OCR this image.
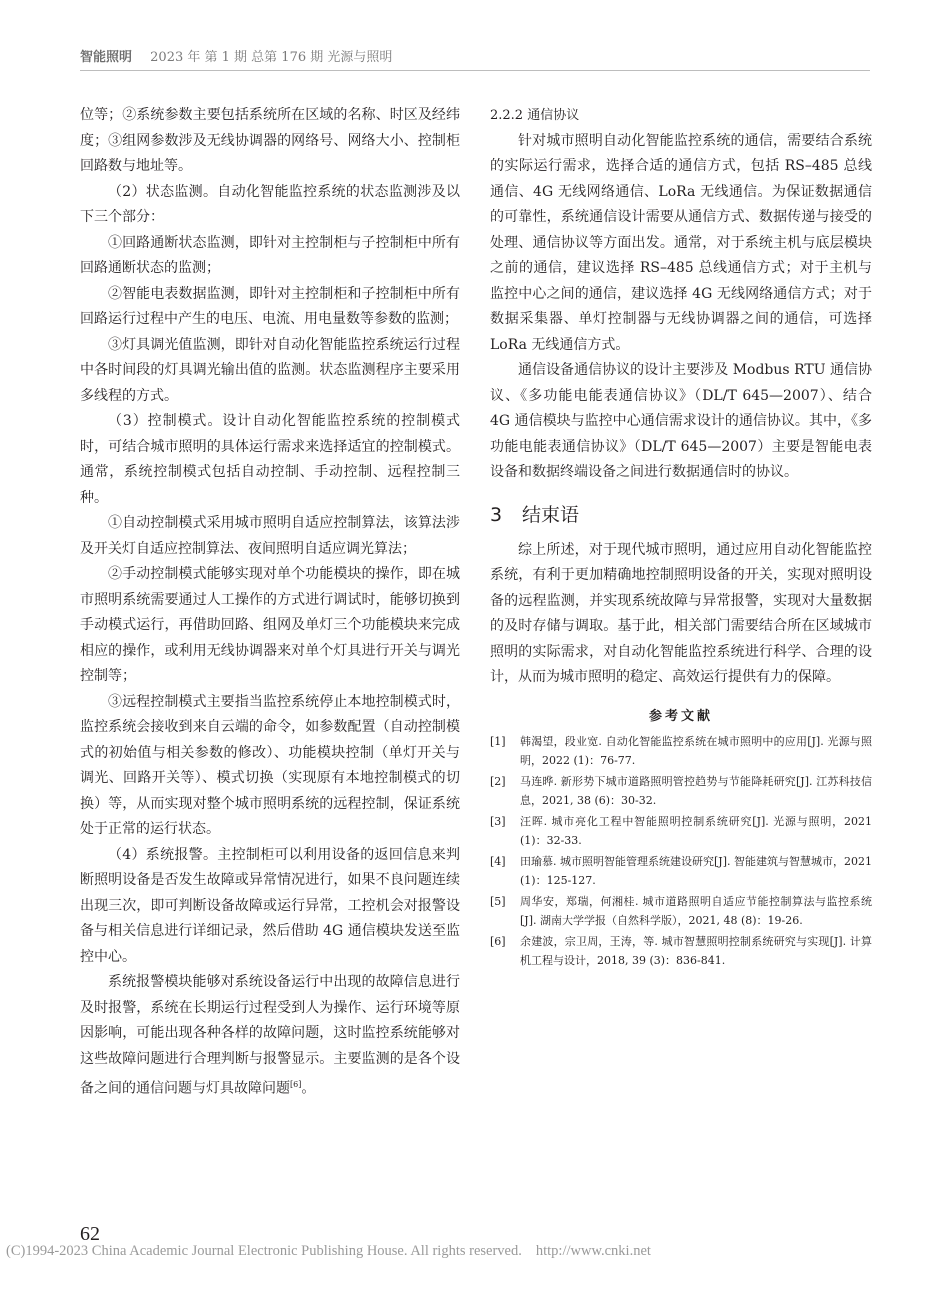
智能照明 2023 年 第 1 期 总第 176 期 光源与照明

位等；②系统参数主要包括系统所在区域的名称、时区及经纬度；③组网参数涉及无线协调器的网络号、网络大小、控制柜回路数与地址等。

（2）状态监测。自动化智能监控系统的状态监测涉及以下三个部分：

①回路通断状态监测，即针对主控制柜与子控制柜中所有回路通断状态的监测；

②智能电表数据监测，即针对主控制柜和子控制柜中所有回路运行过程中产生的电压、电流、用电量数等参数的监测；

③灯具调光值监测，即针对自动化智能监控系统运行过程中各时间段的灯具调光输出值的监测。状态监测程序主要采用多线程的方式。

（3）控制模式。设计自动化智能监控系统的控制模式时，可结合城市照明的具体运行需求来选择适宜的控制模式。通常，系统控制模式包括自动控制、手动控制、远程控制三种。

①自动控制模式采用城市照明自适应控制算法，该算法涉及开关灯自适应控制算法、夜间照明自适应调光算法；

②手动控制模式能够实现对单个功能模块的操作，即在城市照明系统需要通过人工操作的方式进行调试时，能够切换到手动模式运行，再借助回路、组网及单灯三个功能模块来完成相应的操作，或利用无线协调器来对单个灯具进行开关与调光控制等；

③远程控制模式主要指当监控系统停止本地控制模式时，监控系统会接收到来自云端的命令，如参数配置（自动控制模式的初始值与相关参数的修改）、功能模块控制（单灯开关与调光、回路开关等）、模式切换（实现原有本地控制模式的切换）等，从而实现对整个城市照明系统的远程控制，保证系统处于正常的运行状态。

（4）系统报警。主控制柜可以利用设备的返回信息来判断照明设备是否发生故障或异常情况进行，如果不良问题连续出现三次，即可判断设备故障或运行异常，工控机会对报警设备与相关信息进行详细记录，然后借助 4G 通信模块发送至监控中心。

系统报警模块能够对系统设备运行中出现的故障信息进行及时报警，系统在长期运行过程受到人为操作、运行环境等原因影响，可能出现各种各样的故障问题，这时监控系统能够对这些故障问题进行合理判断与报警显示。主要监测的是各个设备之间的通信问题与灯具故障问题[6]。

2.2.2 通信协议

针对城市照明自动化智能监控系统的通信，需要结合系统的实际运行需求，选择合适的通信方式，包括 RS–485 总线通信、4G 无线网络通信、LoRa 无线通信。为保证数据通信的可靠性，系统通信设计需要从通信方式、数据传递与接受的处理、通信协议等方面出发。通常，对于系统主机与底层模块之前的通信，建议选择 RS–485 总线通信方式；对于主机与监控中心之间的通信，建议选择 4G 无线网络通信方式；对于数据采集器、单灯控制器与无线协调器之间的通信，可选择 LoRa 无线通信方式。

通信设备通信协议的设计主要涉及 Modbus RTU 通信协议、《多功能电能表通信协议》（DL/T 645—2007）、结合 4G 通信模块与监控中心通信需求设计的通信协议。其中，《多功能电能表通信协议》（DL/T 645—2007）主要是智能电表设备和数据终端设备之间进行数据通信时的协议。

3 结束语

综上所述，对于现代城市照明，通过应用自动化智能监控系统，有利于更加精确地控制照明设备的开关，实现对照明设备的远程监测，并实现系统故障与异常报警，实现对大量数据的及时存储与调取。基于此，相关部门需要结合所在区域城市照明的实际需求，对自动化智能监控系统进行科学、合理的设计，从而为城市照明的稳定、高效运行提供有力的保障。

参考文献
[1] 韩渴望，段业宽. 自动化智能监控系统在城市照明中的应用[J]. 光源与照明，2022 (1)：76-77.
[2] 马连晔. 新形势下城市道路照明管控趋势与节能降耗研究[J]. 江苏科技信息，2021, 38 (6)：30-32.
[3] 汪晖. 城市亮化工程中智能照明控制系统研究[J]. 光源与照明，2021 (1)：32-33.
[4] 田瑜慕. 城市照明智能管理系统建设研究[J]. 智能建筑与智慧城市，2021 (1)：125-127.
[5] 周华安，郑瑞，何湘桂. 城市道路照明自适应节能控制算法与监控系统[J]. 湖南大学学报（自然科学版），2021, 48 (8)：19-26.
[6] 余建波，宗卫周，王涛，等. 城市智慧照明控制系统研究与实现[J]. 计算机工程与设计，2018, 39 (3)：836-841.
62
(C)1994-2023 China Academic Journal Electronic Publishing House. All rights reserved. http://www.cnki.net
